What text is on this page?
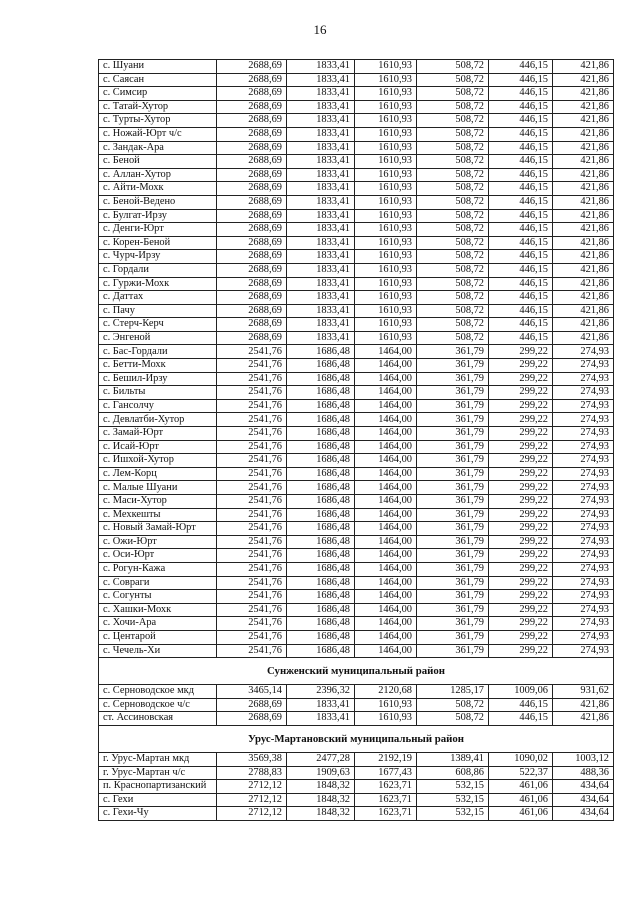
16
с. Шуани	2688,69	1833,41	1610,93	508,72	446,15	421,86
с. Саясан	2688,69	1833,41	1610,93	508,72	446,15	421,86
с. Симсир	2688,69	1833,41	1610,93	508,72	446,15	421,86
с. Татай-Хутор	2688,69	1833,41	1610,93	508,72	446,15	421,86
с. Турты-Хутор	2688,69	1833,41	1610,93	508,72	446,15	421,86
с. Ножай-Юрт ч/с	2688,69	1833,41	1610,93	508,72	446,15	421,86
с. Зандак-Ара	2688,69	1833,41	1610,93	508,72	446,15	421,86
с. Беной	2688,69	1833,41	1610,93	508,72	446,15	421,86
с. Аллан-Хутор	2688,69	1833,41	1610,93	508,72	446,15	421,86
с. Айти-Мохк	2688,69	1833,41	1610,93	508,72	446,15	421,86
с. Беной-Ведено	2688,69	1833,41	1610,93	508,72	446,15	421,86
с. Булгат-Ирзу	2688,69	1833,41	1610,93	508,72	446,15	421,86
с. Денги-Юрт	2688,69	1833,41	1610,93	508,72	446,15	421,86
с. Корен-Беной	2688,69	1833,41	1610,93	508,72	446,15	421,86
с. Чурч-Ирзу	2688,69	1833,41	1610,93	508,72	446,15	421,86
с. Гордали	2688,69	1833,41	1610,93	508,72	446,15	421,86
с. Гуржи-Мохк	2688,69	1833,41	1610,93	508,72	446,15	421,86
с. Даттах	2688,69	1833,41	1610,93	508,72	446,15	421,86
с. Пачу	2688,69	1833,41	1610,93	508,72	446,15	421,86
с. Стерч-Керч	2688,69	1833,41	1610,93	508,72	446,15	421,86
с. Энгеной	2688,69	1833,41	1610,93	508,72	446,15	421,86
с. Бас-Гордали	2541,76	1686,48	1464,00	361,79	299,22	274,93
с. Бетти-Мохк	2541,76	1686,48	1464,00	361,79	299,22	274,93
с. Бешил-Ирзу	2541,76	1686,48	1464,00	361,79	299,22	274,93
с. Бильты	2541,76	1686,48	1464,00	361,79	299,22	274,93
с. Гансолчу	2541,76	1686,48	1464,00	361,79	299,22	274,93
с. Девлатби-Хутор	2541,76	1686,48	1464,00	361,79	299,22	274,93
с. Замай-Юрт	2541,76	1686,48	1464,00	361,79	299,22	274,93
с. Исай-Юрт	2541,76	1686,48	1464,00	361,79	299,22	274,93
с. Ишхой-Хутор	2541,76	1686,48	1464,00	361,79	299,22	274,93
с. Лем-Корц	2541,76	1686,48	1464,00	361,79	299,22	274,93
с. Малые Шуани	2541,76	1686,48	1464,00	361,79	299,22	274,93
с. Маси-Хутор	2541,76	1686,48	1464,00	361,79	299,22	274,93
с. Мехкешты	2541,76	1686,48	1464,00	361,79	299,22	274,93
с. Новый Замай-Юрт	2541,76	1686,48	1464,00	361,79	299,22	274,93
с. Ожи-Юрт	2541,76	1686,48	1464,00	361,79	299,22	274,93
с. Оси-Юрт	2541,76	1686,48	1464,00	361,79	299,22	274,93
с. Рогун-Кажа	2541,76	1686,48	1464,00	361,79	299,22	274,93
с. Совраги	2541,76	1686,48	1464,00	361,79	299,22	274,93
с. Согунты	2541,76	1686,48	1464,00	361,79	299,22	274,93
с. Хашки-Мохк	2541,76	1686,48	1464,00	361,79	299,22	274,93
с. Хочи-Ара	2541,76	1686,48	1464,00	361,79	299,22	274,93
с. Центарой	2541,76	1686,48	1464,00	361,79	299,22	274,93
с. Чечель-Хи	2541,76	1686,48	1464,00	361,79	299,22	274,93
Сунженский муниципальный район						
с. Серноводское мкд	3465,14	2396,32	2120,68	1285,17	1009,06	931,62
с. Серноводское ч/с	2688,69	1833,41	1610,93	508,72	446,15	421,86
ст. Ассиновская	2688,69	1833,41	1610,93	508,72	446,15	421,86
Урус-Мартановский муниципальный район						
г. Урус-Мартан мкд	3569,38	2477,28	2192,19	1389,41	1090,02	1003,12
г. Урус-Мартан ч/с	2788,83	1909,63	1677,43	608,86	522,37	488,36
п. Краснопартизанский	2712,12	1848,32	1623,71	532,15	461,06	434,64
с. Гехи	2712,12	1848,32	1623,71	532,15	461,06	434,64
с. Гехи-Чу	2712,12	1848,32	1623,71	532,15	461,06	434,64
